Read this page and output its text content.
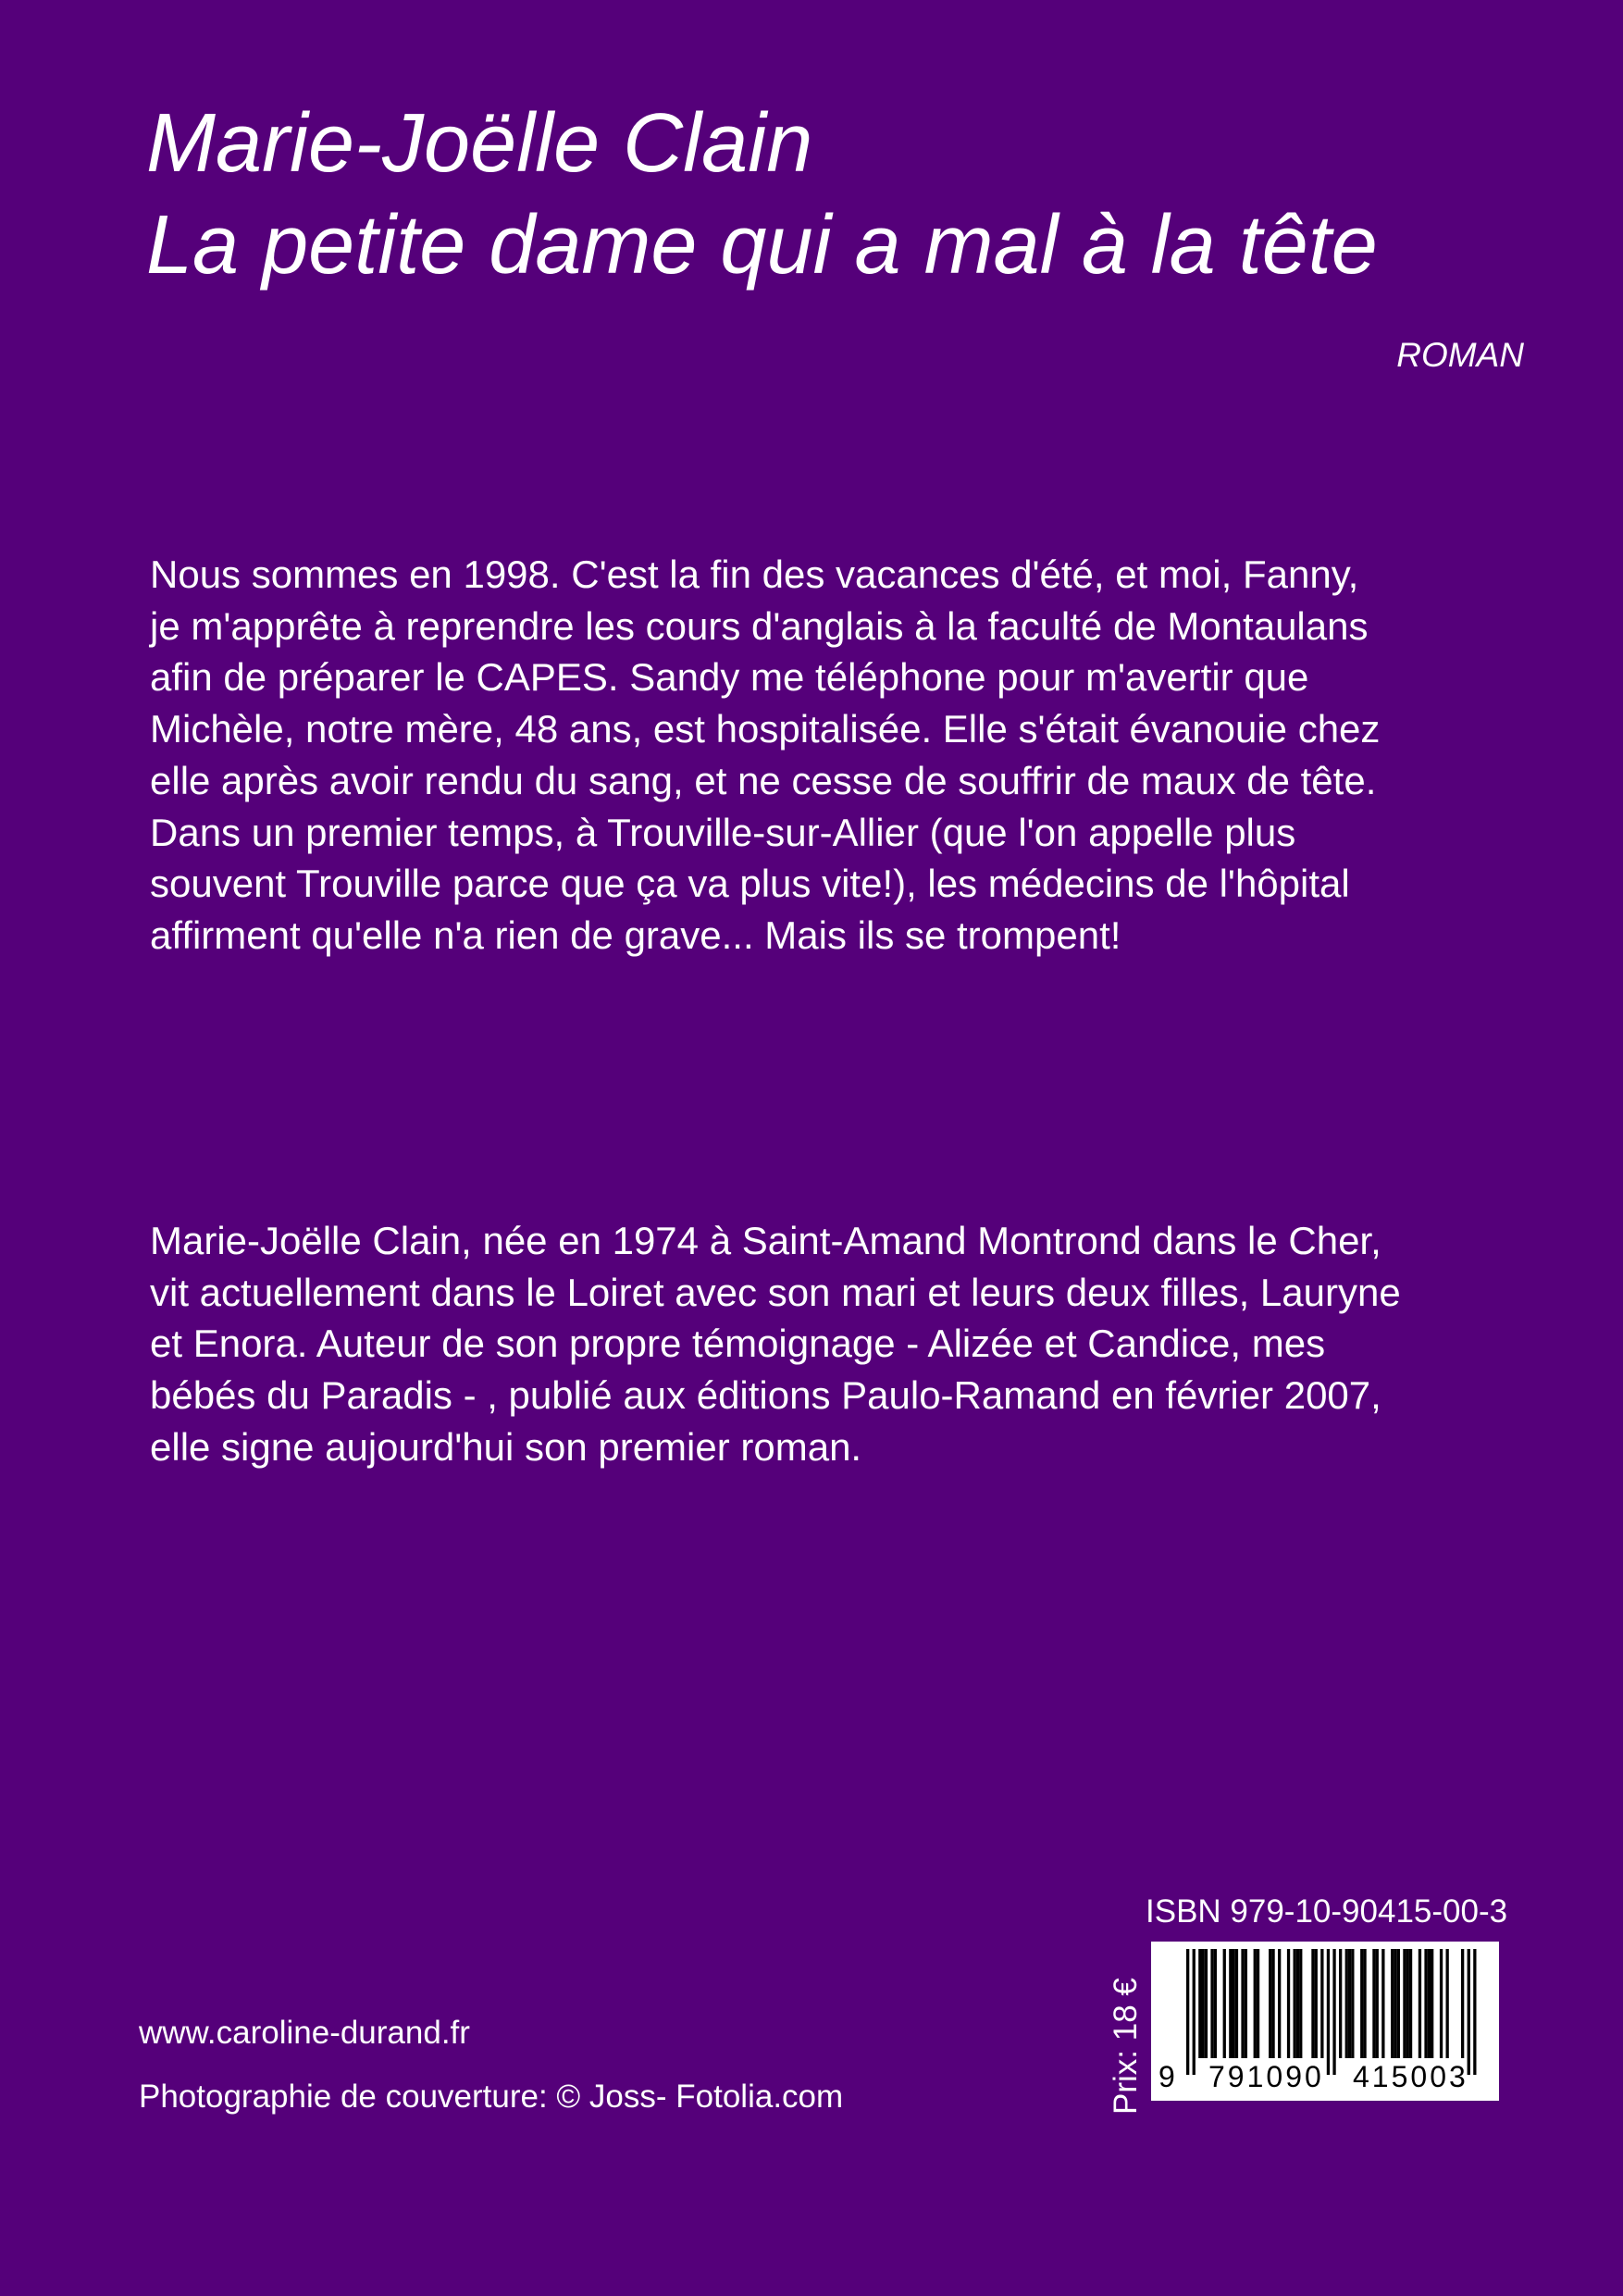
Marie-Joëlle Clain
La petite dame qui a mal à la tête
ROMAN

Nous sommes en 1998. C'est la fin des vacances d'été, et moi, Fanny,
je m'apprête à reprendre les cours d'anglais à la faculté de Montaulans
afin de préparer le CAPES. Sandy me téléphone pour m'avertir que
Michèle, notre mère, 48 ans, est hospitalisée. Elle s'était évanouie chez
elle après avoir rendu du sang, et ne cesse de souffrir de maux de tête.
Dans un premier temps, à Trouville-sur-Allier (que l'on appelle plus
souvent Trouville parce que ça va plus vite!), les médecins de l'hôpital
affirment qu'elle n'a rien de grave... Mais ils se trompent!

Marie-Joëlle Clain, née en 1974 à Saint-Amand Montrond dans le Cher,
vit actuellement dans le Loiret avec son mari et leurs deux filles, Lauryne
et Enora. Auteur de son propre témoignage - Alizée et Candice, mes
bébés du Paradis - , publié aux éditions Paulo-Ramand en février 2007,
elle signe aujourd'hui son premier roman.

www.caroline-durand.fr
Photographie de couverture: © Joss- Fotolia.com
ISBN 979-10-90415-00-3
Prix: 18 € 9 791090 415003
